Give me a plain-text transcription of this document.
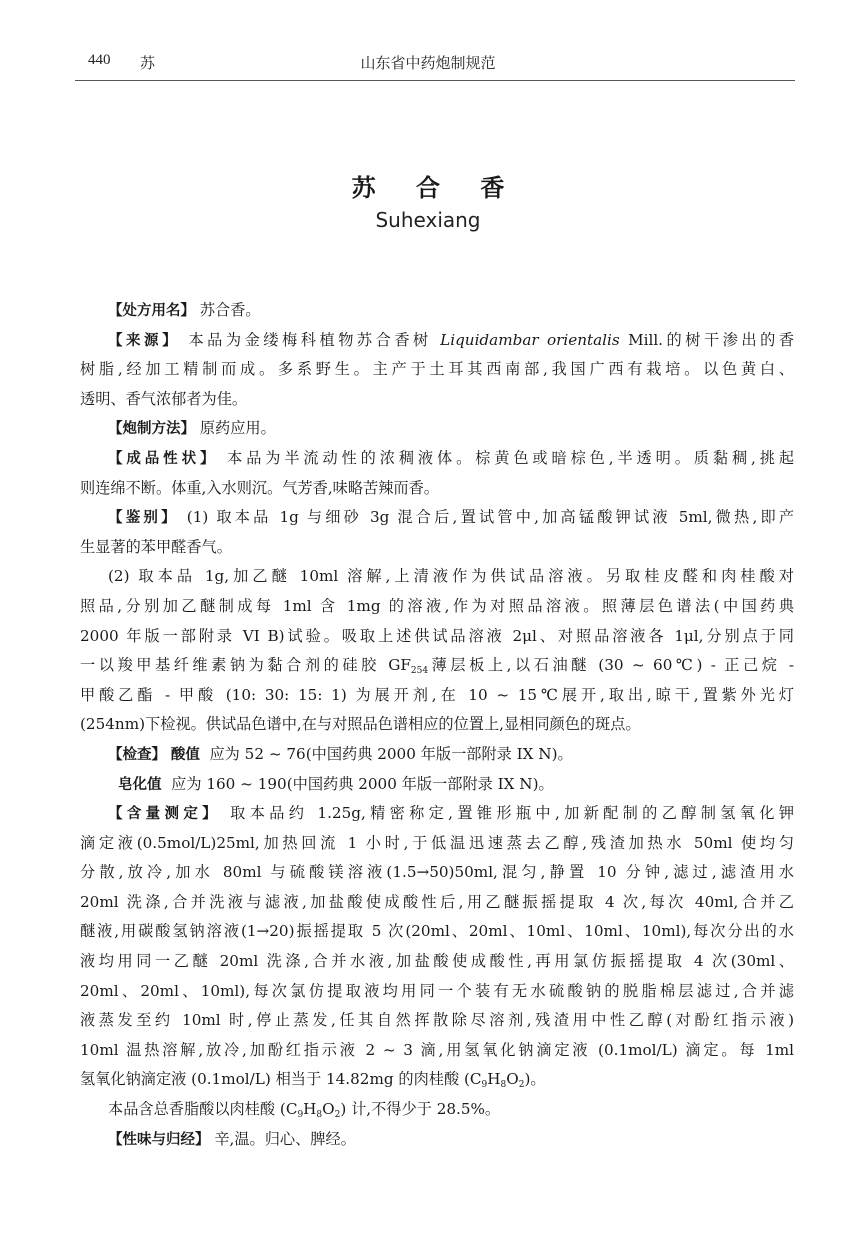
440 苏	山东省中药炮制规范
苏 合 香
Suhexiang
【处方用名】 苏合香。
【来源】 本品为金缕梅科植物苏合香树 Liquidambar orientalis Mill.的树干渗出的香
树脂,经加工精制而成。多系野生。主产于土耳其西南部,我国广西有栽培。以色黄白、
透明、香气浓郁者为佳。
【炮制方法】 原药应用。
【成品性状】 本品为半流动性的浓稠液体。棕黄色或暗棕色,半透明。质黏稠,挑起
则连绵不断。体重,入水则沉。气芳香,味略苦辣而香。
【鉴别】 (1) 取本品 1g 与细砂 3g 混合后,置试管中,加高锰酸钾试液 5ml,微热,即产
生显著的苯甲醛香气。
(2) 取本品 1g,加乙醚 10ml 溶解,上清液作为供试品溶液。另取桂皮醛和肉桂酸对
照品,分别加乙醚制成每 1ml 含 1mg 的溶液,作为对照品溶液。照薄层色谱法(中国药典
2000 年版一部附录 VI B)试验。吸取上述供试品溶液 2μl、对照品溶液各 1μl,分别点于同
一以羧甲基纤维素钠为黏合剂的硅胶 $GF_{254}$薄层板上,以石油醚 (30 ~ 60℃) - 正己烷 -
甲酸乙酯 - 甲酸 (10: 30: 15: 1) 为展开剂,在 10 ~ 15℃展开,取出,晾干,置紫外光灯
(254nm)下检视。供试品色谱中,在与对照品色谱相应的位置上,显相同颜色的斑点。
【检查】 酸值 应为 52 ~ 76(中国药典 2000 年版一部附录 IX N)。
皂化值 应为 160 ~ 190(中国药典 2000 年版一部附录 IX N)。
【含量测定】 取本品约 1.25g,精密称定,置锥形瓶中,加新配制的乙醇制氢氧化钾
滴定液(0.5mol/L)25ml,加热回流 1 小时,于低温迅速蒸去乙醇,残渣加热水 50ml 使均匀
分散,放冷,加水 80ml 与硫酸镁溶液(1.5→50)50ml,混匀,静置 10 分钟,滤过,滤渣用水
20ml 洗涤,合并洗液与滤液,加盐酸使成酸性后,用乙醚振摇提取 4 次,每次 40ml,合并乙
醚液,用碳酸氢钠溶液(1→20)振摇提取 5 次(20ml、20ml、10ml、10ml、10ml),每次分出的水
液均用同一乙醚 20ml 洗涤,合并水液,加盐酸使成酸性,再用氯仿振摇提取 4 次(30ml、
20ml、20ml、10ml),每次氯仿提取液均用同一个装有无水硫酸钠的脱脂棉层滤过,合并滤
液蒸发至约 10ml 时,停止蒸发,任其自然挥散除尽溶剂,残渣用中性乙醇(对酚红指示液)
10ml 温热溶解,放冷,加酚红指示液 2 ~ 3 滴,用氢氧化钠滴定液 (0.1mol/L) 滴定。每 1ml
氢氧化钠滴定液 (0.1mol/L) 相当于 14.82mg 的肉桂酸 $(C_9H_8O_2)$。
本品含总香脂酸以肉桂酸 $(C_9H_8O_2)$ 计,不得少于 28.5%。
【性味与归经】 辛,温。归心、脾经。
